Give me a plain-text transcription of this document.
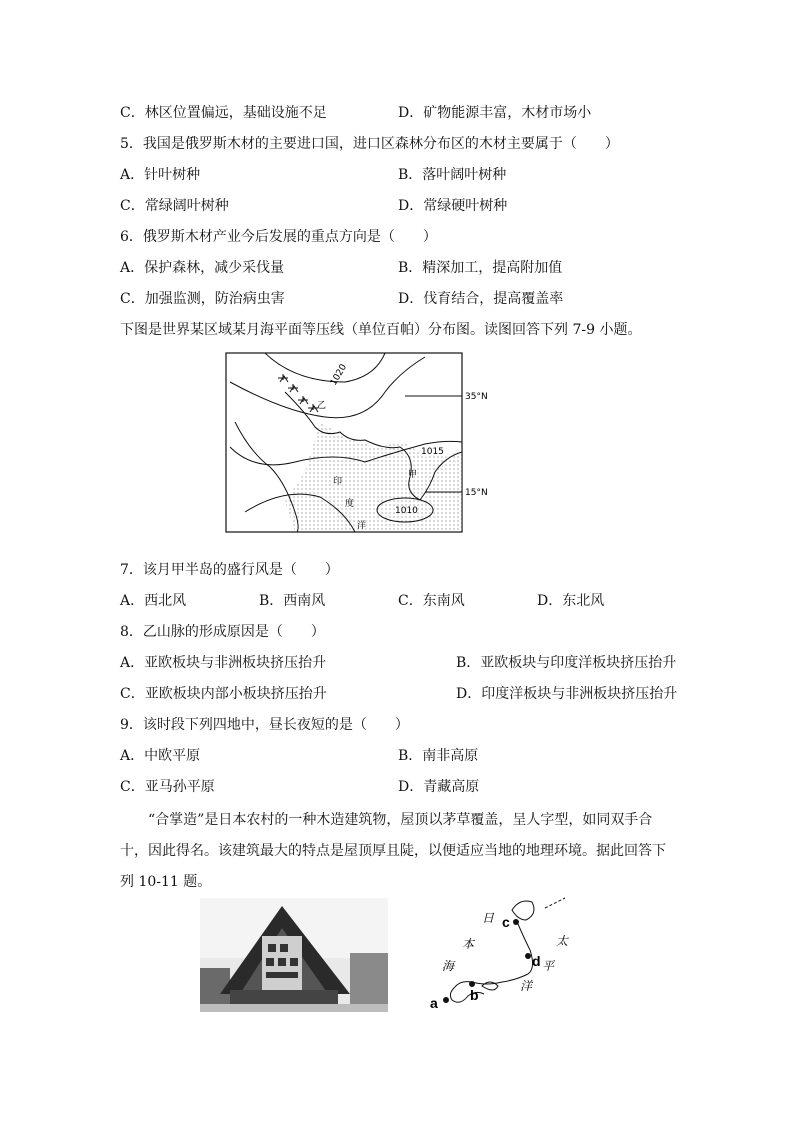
C．林区位置偏远，基础设施不足	D．矿物能源丰富，木材市场小
5．我国是俄罗斯木材的主要进口国，进口区森林分布区的木材主要属于（　　）
A．针叶树种	B．落叶阔叶树种
C．常绿阔叶树种	D．常绿硬叶树种
6．俄罗斯木材产业今后发展的重点方向是（　　）
A．保护森林，减少采伐量	B．精深加工，提高附加值
C．加强监测，防治病虫害	D．伐育结合，提高覆盖率
下图是世界某区域某月海平面等压线（单位百帕）分布图。读图回答下列 7-9 小题。
乙
甲
印
度
洋
1020
1015
1010
35°N
15°N
7．该月甲半岛的盛行风是（　　）
A．西北风	B．西南风	C．东南风	D．东北风
8．乙山脉的形成原因是（　　）
A．亚欧板块与非洲板块挤压抬升	B．亚欧板块与印度洋板块挤压抬升
C．亚欧板块内部小板块挤压抬升	D．印度洋板块与非洲板块挤压抬升
9．该时段下列四地中，昼长夜短的是（　　）
A．中欧平原	B．南非高原
C．亚马孙平原	D．青藏高原
“合掌造”是日本农村的一种木造建筑物，屋顶以茅草覆盖，呈人字型，如同双手合
十，因此得名。该建筑最大的特点是屋顶厚且陡，以便适应当地的地理环境。据此回答下
列 10-11 题。
c
d
b
a
日
本
海
太
平
洋
